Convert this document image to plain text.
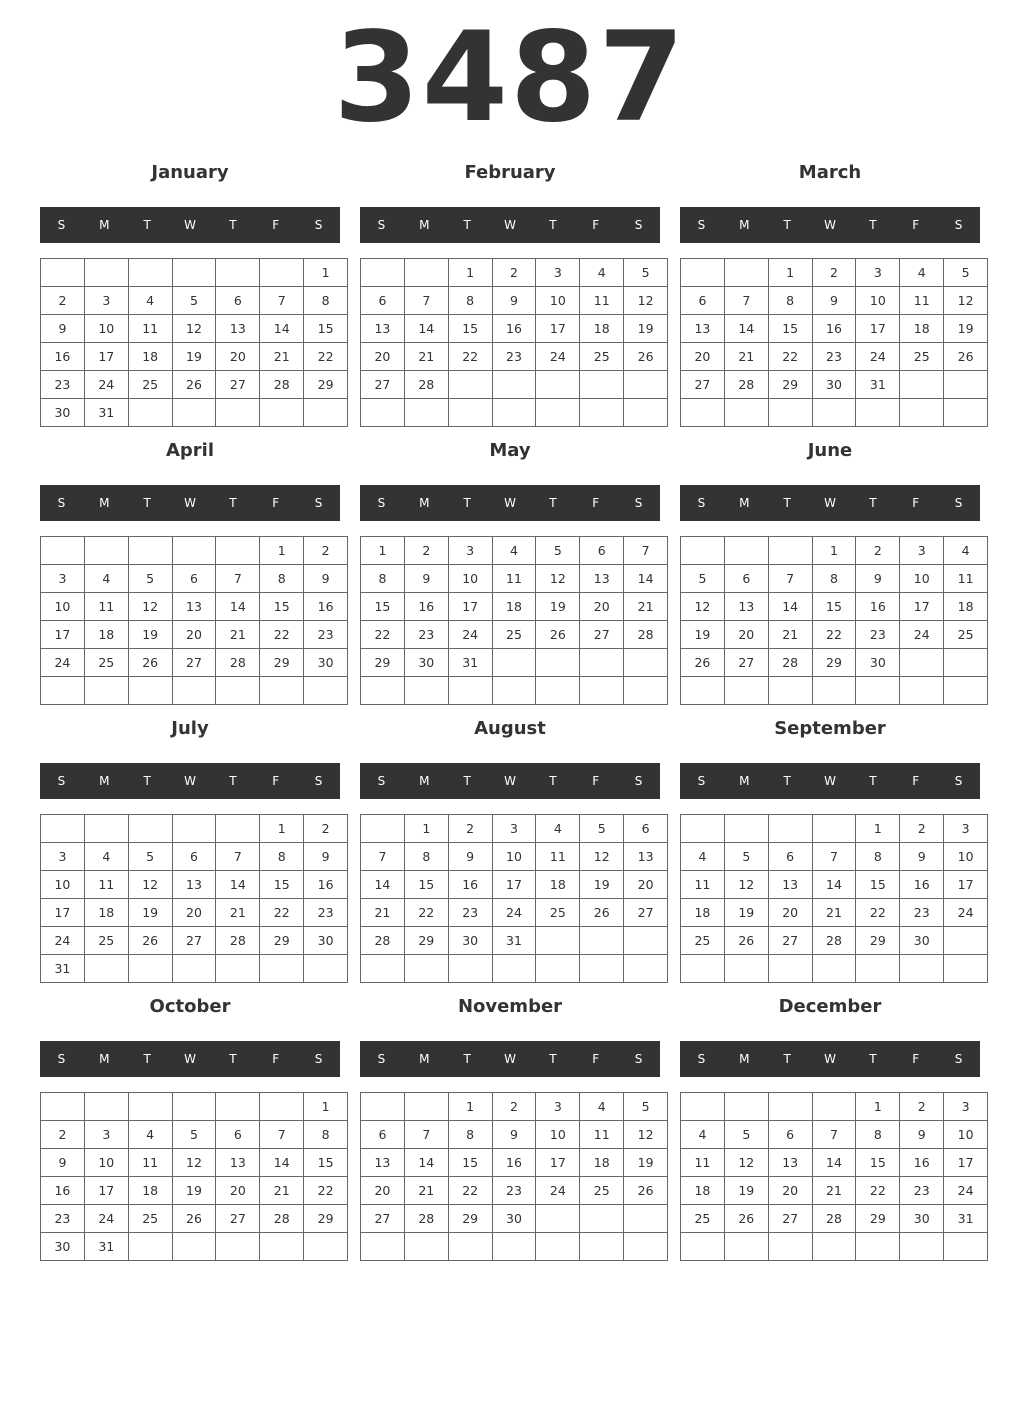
3487
January
S	M	T	W	T	F	S
						1
2	3	4	5	6	7	8
9	10	11	12	13	14	15
16	17	18	19	20	21	22
23	24	25	26	27	28	29
30	31					
February
S	M	T	W	T	F	S
		1	2	3	4	5
6	7	8	9	10	11	12
13	14	15	16	17	18	19
20	21	22	23	24	25	26
27	28					

March
S	M	T	W	T	F	S
		1	2	3	4	5
6	7	8	9	10	11	12
13	14	15	16	17	18	19
20	21	22	23	24	25	26
27	28	29	30	31		

April
S	M	T	W	T	F	S
					1	2
3	4	5	6	7	8	9
10	11	12	13	14	15	16
17	18	19	20	21	22	23
24	25	26	27	28	29	30

May
S	M	T	W	T	F	S
1	2	3	4	5	6	7
8	9	10	11	12	13	14
15	16	17	18	19	20	21
22	23	24	25	26	27	28
29	30	31				

June
S	M	T	W	T	F	S
			1	2	3	4
5	6	7	8	9	10	11
12	13	14	15	16	17	18
19	20	21	22	23	24	25
26	27	28	29	30		

July
S	M	T	W	T	F	S
					1	2
3	4	5	6	7	8	9
10	11	12	13	14	15	16
17	18	19	20	21	22	23
24	25	26	27	28	29	30
31						
August
S	M	T	W	T	F	S
	1	2	3	4	5	6
7	8	9	10	11	12	13
14	15	16	17	18	19	20
21	22	23	24	25	26	27
28	29	30	31			

September
S	M	T	W	T	F	S
				1	2	3
4	5	6	7	8	9	10
11	12	13	14	15	16	17
18	19	20	21	22	23	24
25	26	27	28	29	30	

October
S	M	T	W	T	F	S
						1
2	3	4	5	6	7	8
9	10	11	12	13	14	15
16	17	18	19	20	21	22
23	24	25	26	27	28	29
30	31					
November
S	M	T	W	T	F	S
		1	2	3	4	5
6	7	8	9	10	11	12
13	14	15	16	17	18	19
20	21	22	23	24	25	26
27	28	29	30			

December
S	M	T	W	T	F	S
				1	2	3
4	5	6	7	8	9	10
11	12	13	14	15	16	17
18	19	20	21	22	23	24
25	26	27	28	29	30	31
